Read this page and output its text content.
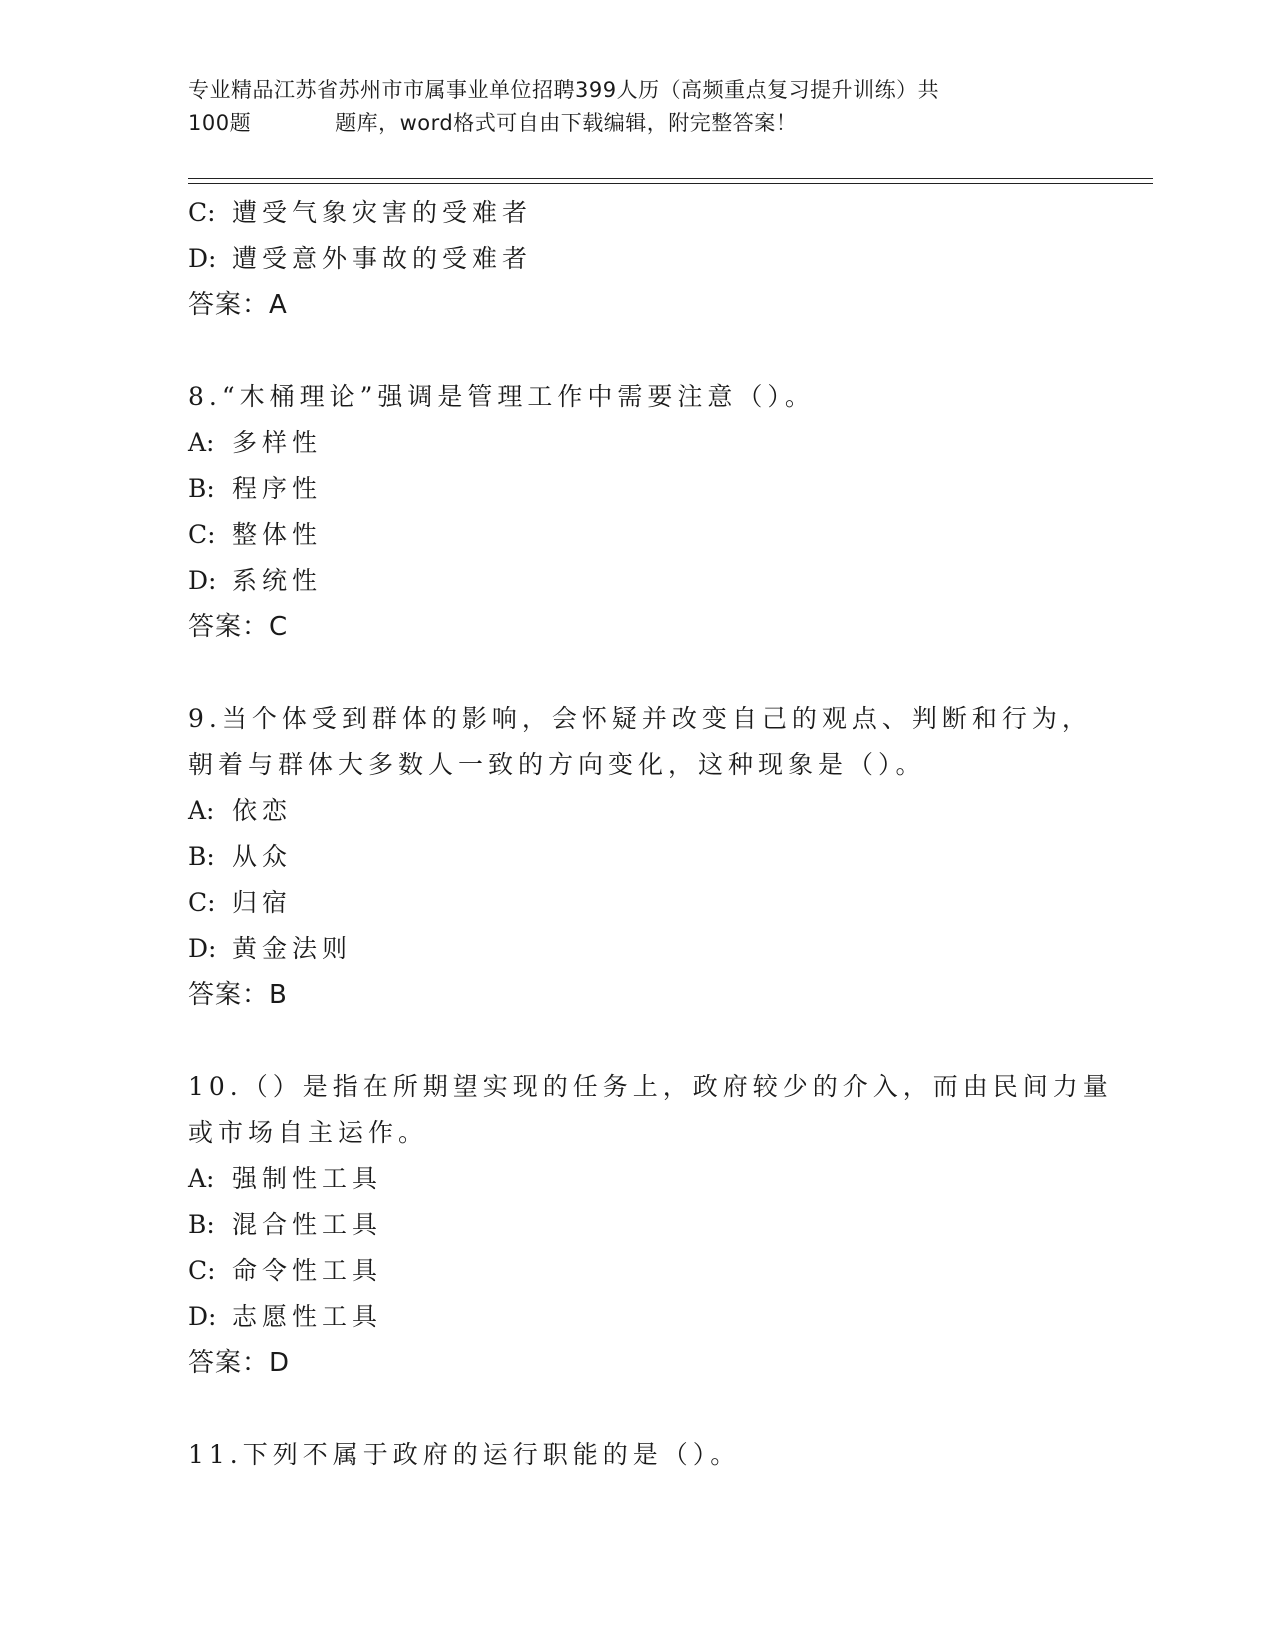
专业精品江苏省苏州市市属事业单位招聘399人历（高频重点复习提升训练）共
100题	题库，word格式可自由下载编辑，附完整答案！
C: 遭受气象灾害的受难者
D: 遭受意外事故的受难者
答案：A
8.“木桶理论”强调是管理工作中需要注意（）。
A: 多样性
B: 程序性
C: 整体性
D: 系统性
答案：C
9.当个体受到群体的影响，会怀疑并改变自己的观点、判断和行为，
朝着与群体大多数人一致的方向变化，这种现象是（）。
A: 依恋
B: 从众
C: 归宿
D: 黄金法则
答案：B
10.（）是指在所期望实现的任务上，政府较少的介入，而由民间力量
或市场自主运作。
A: 强制性工具
B: 混合性工具
C: 命令性工具
D: 志愿性工具
答案：D
11.下列不属于政府的运行职能的是（）。
